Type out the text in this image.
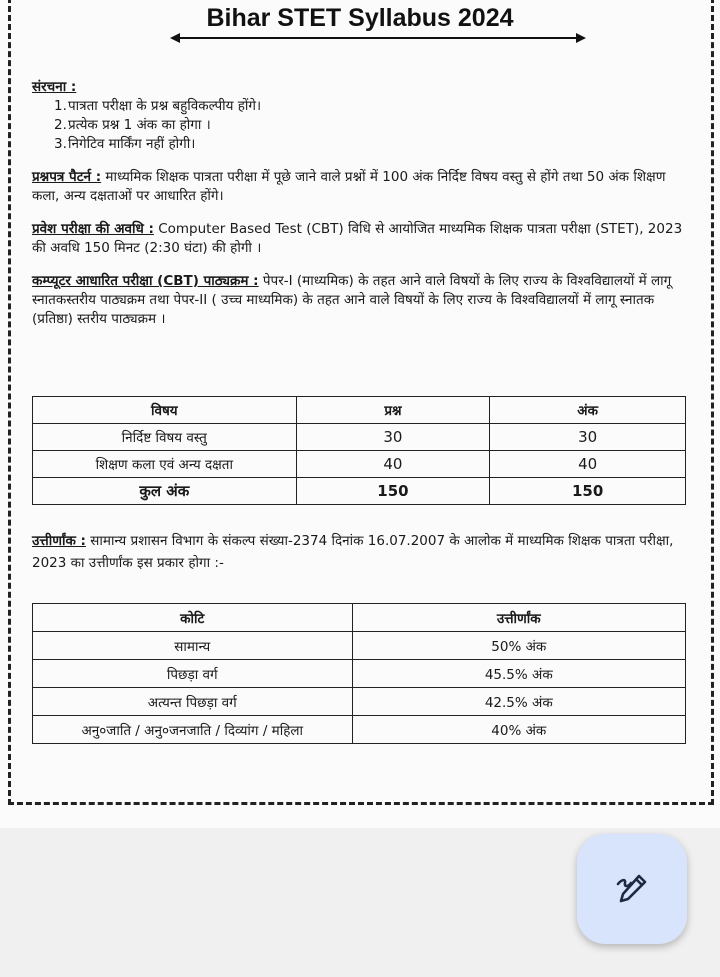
Bihar STET Syllabus 2024
संरचना :
1. पात्रता परीक्षा के प्रश्न बहुविकल्पीय होंगे।
2. प्रत्येक प्रश्न 1 अंक का होगा ।
3. निगेटिव मार्किंग नहीं होगी।
प्रश्नपत्र पैटर्न : माध्यमिक शिक्षक पात्रता परीक्षा में पूछे जाने वाले प्रश्नों में 100 अंक निर्दिष्ट विषय वस्तु से होंगे तथा 50 अंक शिक्षण कला, अन्य दक्षताओं पर आधारित होंगे।
प्रवेश परीक्षा की अवधि : Computer Based Test (CBT) विधि से आयोजित माध्यमिक शिक्षक पात्रता परीक्षा (STET), 2023 की अवधि 150 मिनट (2:30 घंटा) की होगी ।
कम्प्यूटर आधारित परीक्षा (CBT) पाठ्यक्रम : पेपर-I (माध्यमिक) के तहत आने वाले विषयों के लिए राज्य के विश्वविद्यालयों में लागू स्नातकस्तरीय पाठ्यक्रम तथा पेपर-II ( उच्च माध्यमिक) के तहत आने वाले विषयों के लिए राज्य के विश्वविद्यालयों में लागू स्नातक (प्रतिष्ठा) स्तरीय पाठ्यक्रम ।
विषय	प्रश्न	अंक
निर्दिष्ट विषय वस्तु	30	30
शिक्षण कला एवं अन्य दक्षता	40	40
कुल अंक	150	150
उत्तीर्णांक : सामान्य प्रशासन विभाग के संकल्प संख्या-2374 दिनांक 16.07.2007 के आलोक में माध्यमिक शिक्षक पात्रता परीक्षा, 2023 का उत्तीर्णांक इस प्रकार होगा :-
कोटि	उत्तीर्णांक
सामान्य	50% अंक
पिछड़ा वर्ग	45.5% अंक
अत्यन्त पिछड़ा वर्ग	42.5% अंक
अनु०जाति / अनु०जनजाति / दिव्यांग / महिला	40% अंक
